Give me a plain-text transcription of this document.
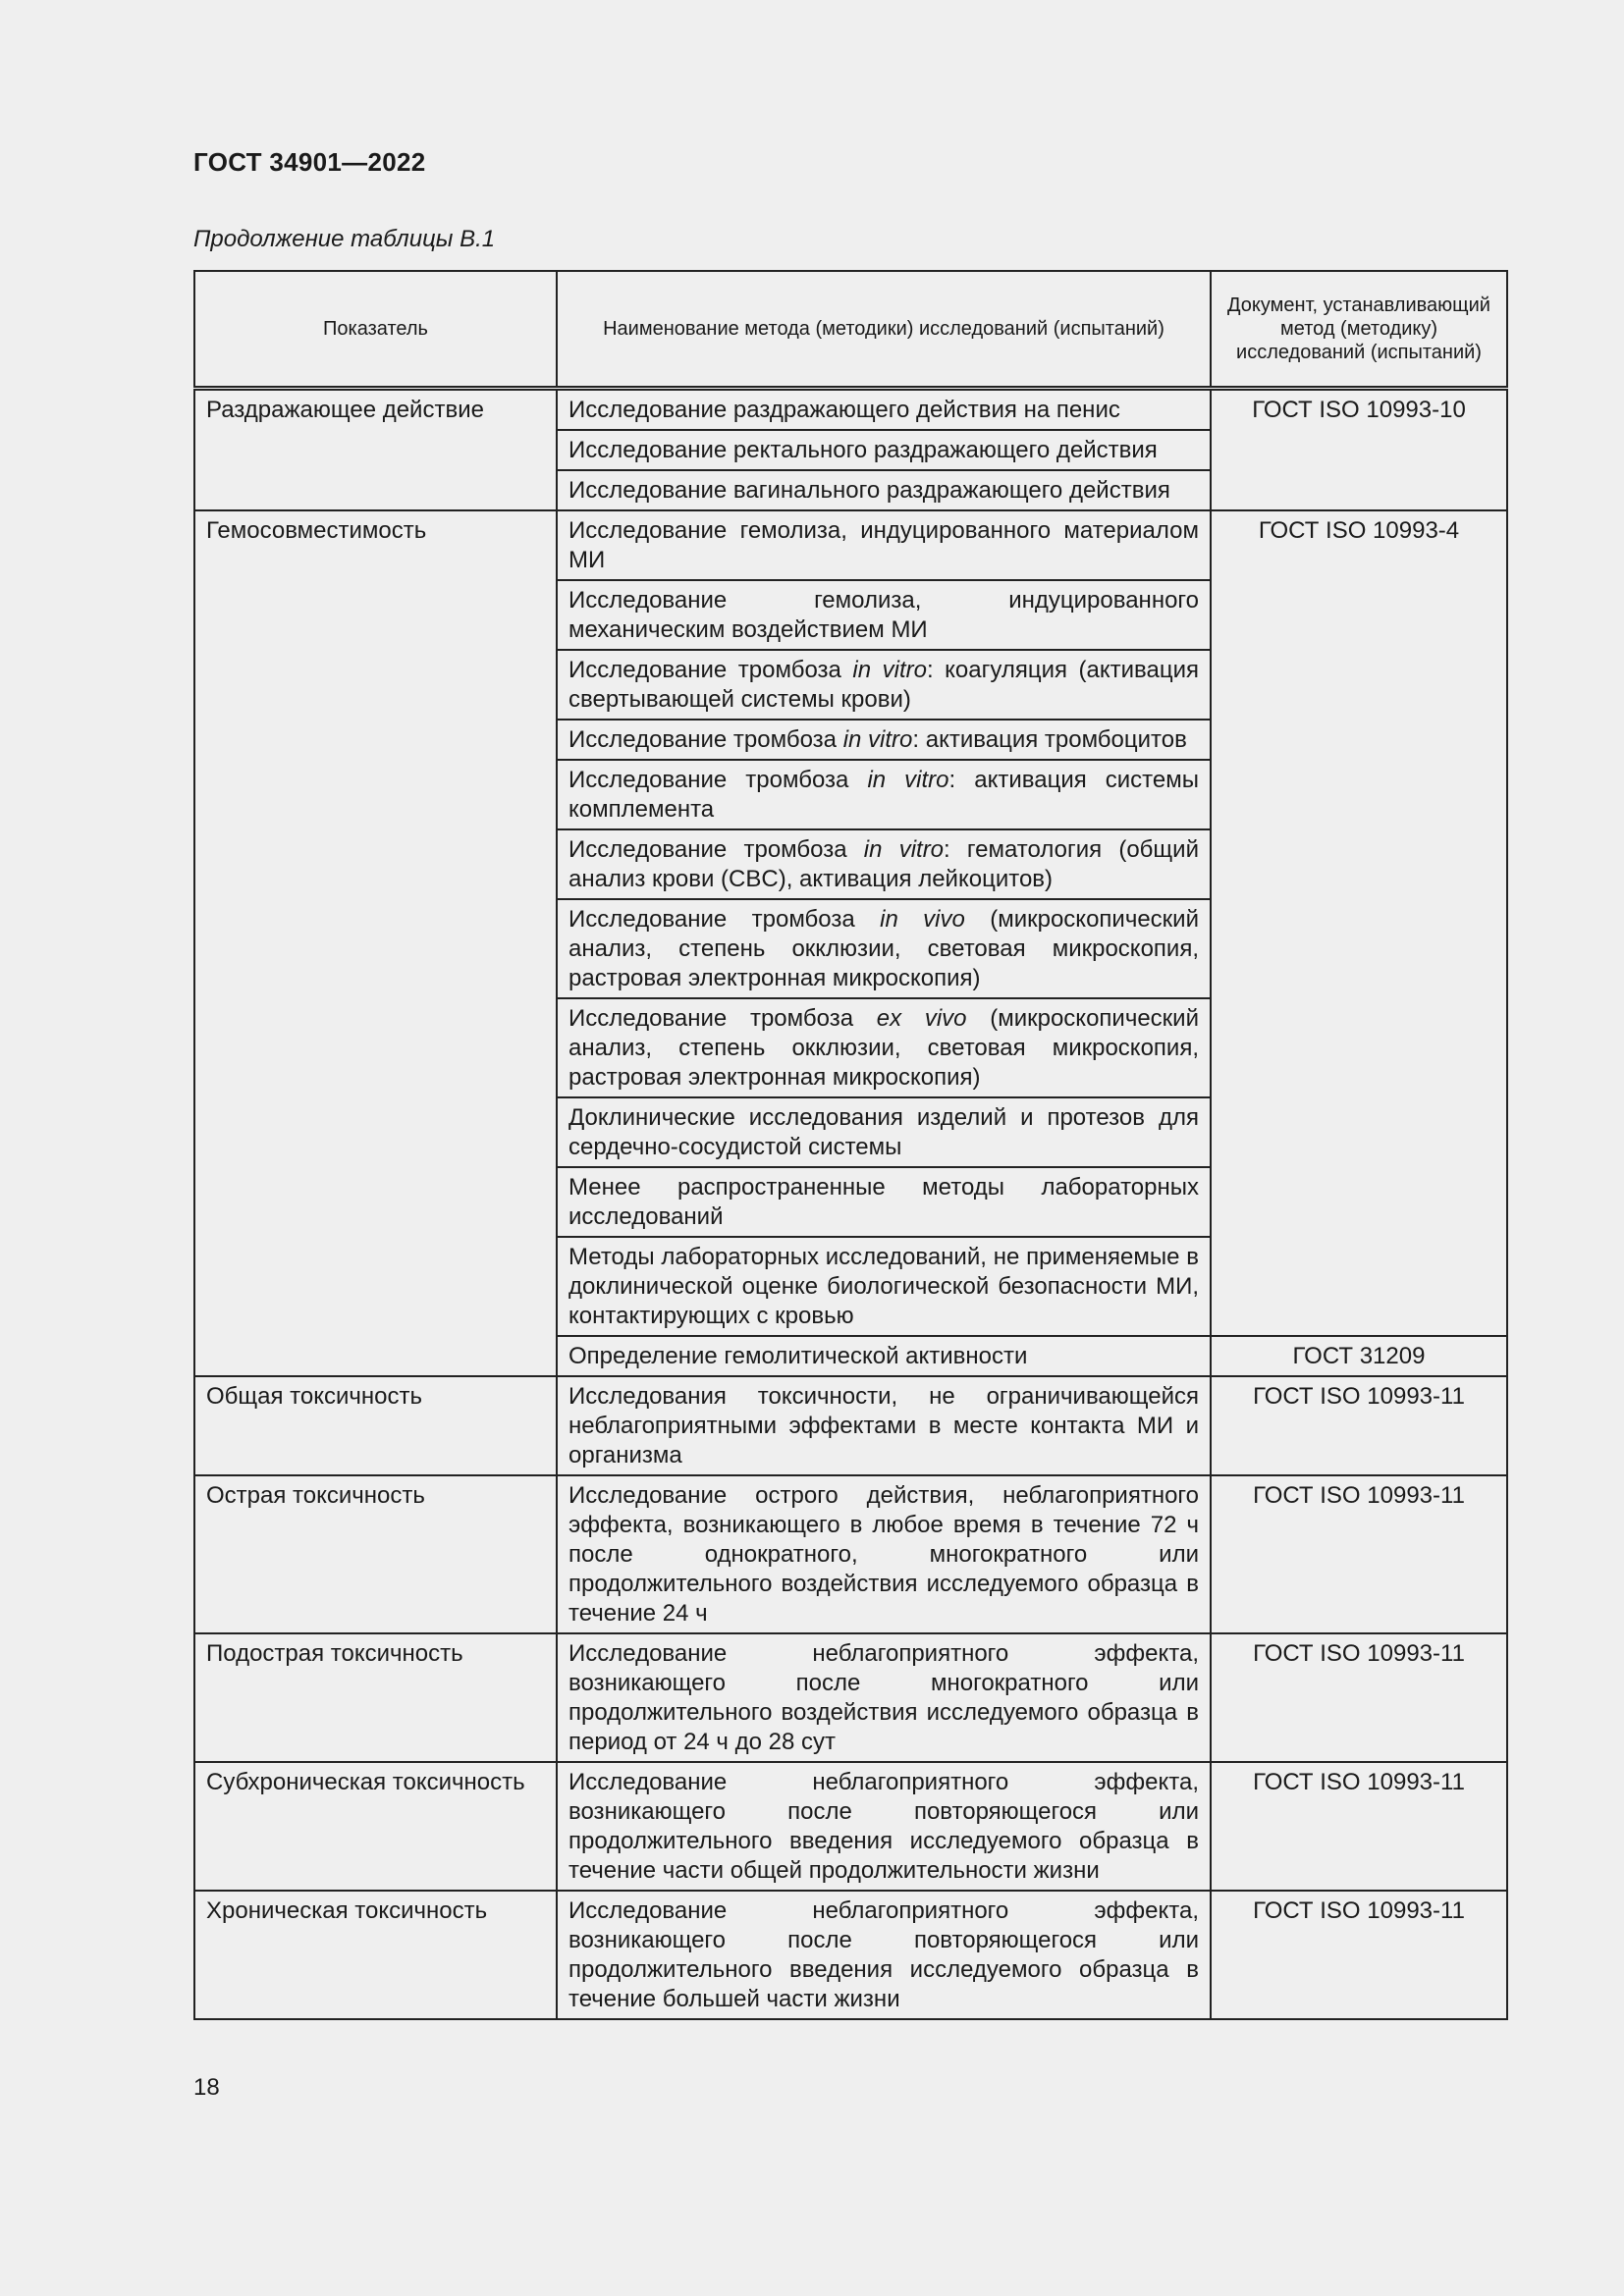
ГОСТ 34901—2022
Продолжение таблицы В.1
Показатель	Наименование метода (методики) исследований (испытаний)	Документ, устанавливающий метод (методику) исследований (испытаний)
Раздражающее действие	Исследование раздражающего действия на пенис	ГОСТ ISO 10993-10
	Исследование ректального раздражающего действия	
	Исследование вагинального раздражающего действия	
Гемосовместимость	Исследование гемолиза, индуцированного материалом МИ	ГОСТ ISO 10993-4
	Исследование гемолиза, индуцированного механическим воздействием МИ	
	Исследование тромбоза in vitro: коагуляция (активация свертывающей системы крови)	
	Исследование тромбоза in vitro: активация тромбоцитов	
	Исследование тромбоза in vitro: активация системы комплемента	
	Исследование тромбоза in vitro: гематология (общий анализ крови (CBC), активация лейкоцитов)	
	Исследование тромбоза in vivo (микроскопический анализ, степень окклюзии, световая микроскопия, растровая электронная микроскопия)	
	Исследование тромбоза ex vivo (микроскопический анализ, степень окклюзии, световая микроскопия, растровая электронная микроскопия)	
	Доклинические исследования изделий и протезов для сердечно-сосудистой системы	
	Менее распространенные методы лабораторных исследований	
	Методы лабораторных исследований, не применяемые в доклинической оценке биологической безопасности МИ, контактирующих с кровью	
	Определение гемолитической активности	ГОСТ 31209
Общая токсичность	Исследования токсичности, не ограничивающейся неблагоприятными эффектами в месте контакта МИ и организма	ГОСТ ISO 10993-11
Острая токсичность	Исследование острого действия, неблагоприятного эффекта, возникающего в любое время в течение 72 ч после однократного, многократного или продолжительного воздействия исследуемого образца в течение 24 ч	ГОСТ ISO 10993-11
Подострая токсичность	Исследование неблагоприятного эффекта, возникающего после многократного или продолжительного воздействия исследуемого образца в период от 24 ч до 28 сут	ГОСТ ISO 10993-11
Субхроническая токсичность	Исследование неблагоприятного эффекта, возникающего после повторяющегося или продолжительного введения исследуемого образца в течение части общей продолжительности жизни	ГОСТ ISO 10993-11
Хроническая токсичность	Исследование неблагоприятного эффекта, возникающего после повторяющегося или продолжительного введения исследуемого образца в течение большей части жизни	ГОСТ ISO 10993-11
18
